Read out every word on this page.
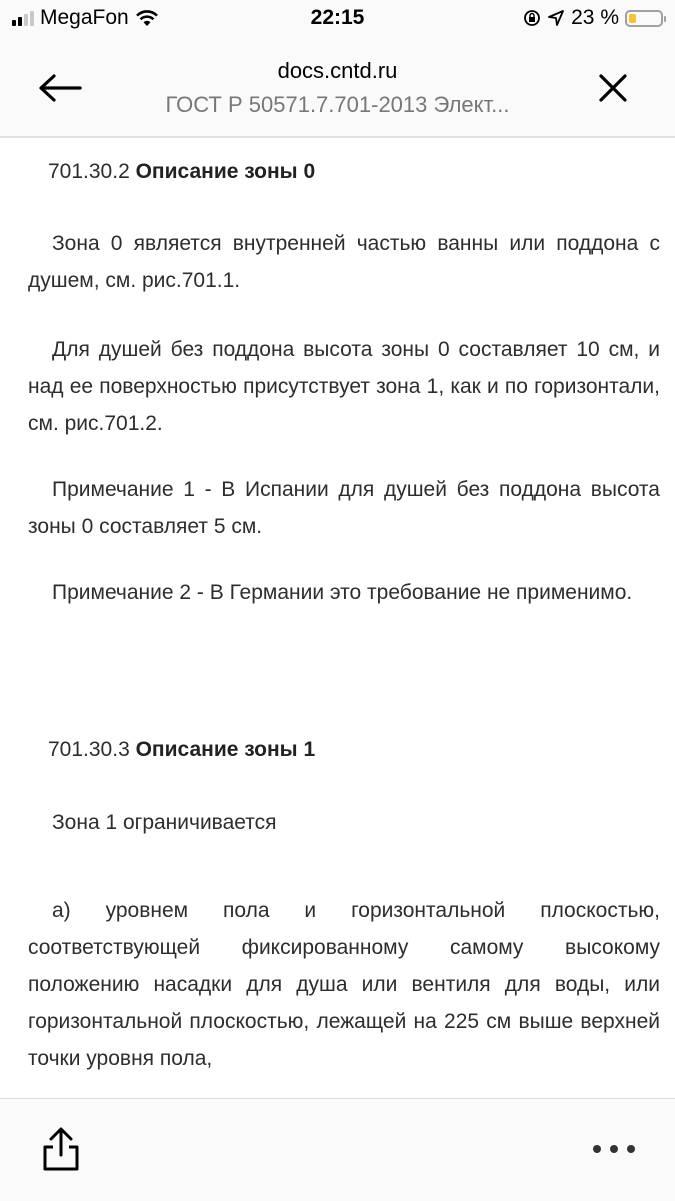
MegaFon	22:15	23 %
docs.cntd.ru
ГОСТ Р 50571.7.701-2013 Элект...
701.30.2 Описание зоны 0
Зона 0 является внутренней частью ванны или поддона с душем, см. рис.701.1.
Для душей без поддона высота зоны 0 составляет 10 см, и над ее поверхностью присутствует зона 1, как и по горизонтали, см. рис.701.2.
Примечание 1 - В Испании для душей без поддона высота зоны 0 составляет 5 см.
Примечание 2 - В Германии это требование не применимо.
701.30.3 Описание зоны 1
Зона 1 ограничивается
а) уровнем пола и горизонтальной плоскостью, соответствующей фиксированному самому высокому положению насадки для душа или вентиля для воды, или горизонтальной плоскостью, лежащей на 225 см выше верхней точки уровня пола,
